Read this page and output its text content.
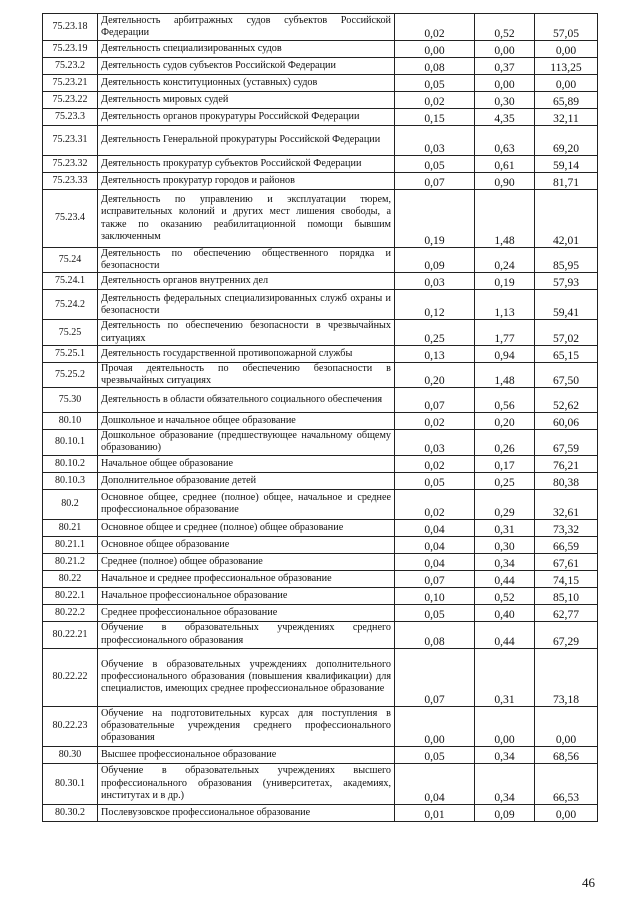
75.23.18	Деятельность арбитражных судов субъектов Российской Федерации	0,02	0,52	57,05
75.23.19	Деятельность специализированных судов	0,00	0,00	0,00
75.23.2	Деятельность судов субъектов Российской Федерации	0,08	0,37	113,25
75.23.21	Деятельность конституционных (уставных) судов	0,05	0,00	0,00
75.23.22	Деятельность мировых судей	0,02	0,30	65,89
75.23.3	Деятельность органов прокуратуры Российской Федерации	0,15	4,35	32,11
75.23.31	Деятельность Генеральной прокуратуры Российской Федерации	0,03	0,63	69,20
75.23.32	Деятельность прокуратур субъектов Российской Федерации	0,05	0,61	59,14
75.23.33	Деятельность прокуратур городов и районов	0,07	0,90	81,71
75.23.4	Деятельность по управлению и эксплуатации тюрем, исправительных колоний и других мест лишения свободы, а также по оказанию реабилитационной помощи бывшим заключенным	0,19	1,48	42,01
75.24	Деятельность по обеспечению общественного порядка и безопасности	0,09	0,24	85,95
75.24.1	Деятельность органов внутренних дел	0,03	0,19	57,93
75.24.2	Деятельность федеральных специализированных служб охраны и безопасности	0,12	1,13	59,41
75.25	Деятельность по обеспечению безопасности в чрезвычайных ситуациях	0,25	1,77	57,02
75.25.1	Деятельность государственной противопожарной службы	0,13	0,94	65,15
75.25.2	Прочая деятельность по обеспечению безопасности в чрезвычайных ситуациях	0,20	1,48	67,50
75.30	Деятельность в области обязательного социального обеспечения	0,07	0,56	52,62
80.10	Дошкольное и начальное общее образование	0,02	0,20	60,06
80.10.1	Дошкольное образование (предшествующее начальному общему образованию)	0,03	0,26	67,59
80.10.2	Начальное общее образование	0,02	0,17	76,21
80.10.3	Дополнительное образование детей	0,05	0,25	80,38
80.2	Основное общее, среднее (полное) общее, начальное и среднее профессиональное образование	0,02	0,29	32,61
80.21	Основное общее и среднее (полное) общее образование	0,04	0,31	73,32
80.21.1	Основное общее образование	0,04	0,30	66,59
80.21.2	Среднее (полное) общее образование	0,04	0,34	67,61
80.22	Начальное и среднее профессиональное образование	0,07	0,44	74,15
80.22.1	Начальное профессиональное образование	0,10	0,52	85,10
80.22.2	Среднее профессиональное образование	0,05	0,40	62,77
80.22.21	Обучение в образовательных учреждениях среднего профессионального образования	0,08	0,44	67,29
80.22.22	Обучение в образовательных учреждениях дополнительного профессионального образования (повышения квалификации) для специалистов, имеющих среднее профессиональное образование	0,07	0,31	73,18
80.22.23	Обучение на подготовительных курсах для поступления в образовательные учреждения среднего профессионального образования	0,00	0,00	0,00
80.30	Высшее профессиональное образование	0,05	0,34	68,56
80.30.1	Обучение в образовательных учреждениях высшего профессионального образования (университетах, академиях, институтах и в др.)	0,04	0,34	66,53
80.30.2	Послевузовское профессиональное образование	0,01	0,09	0,00
46
